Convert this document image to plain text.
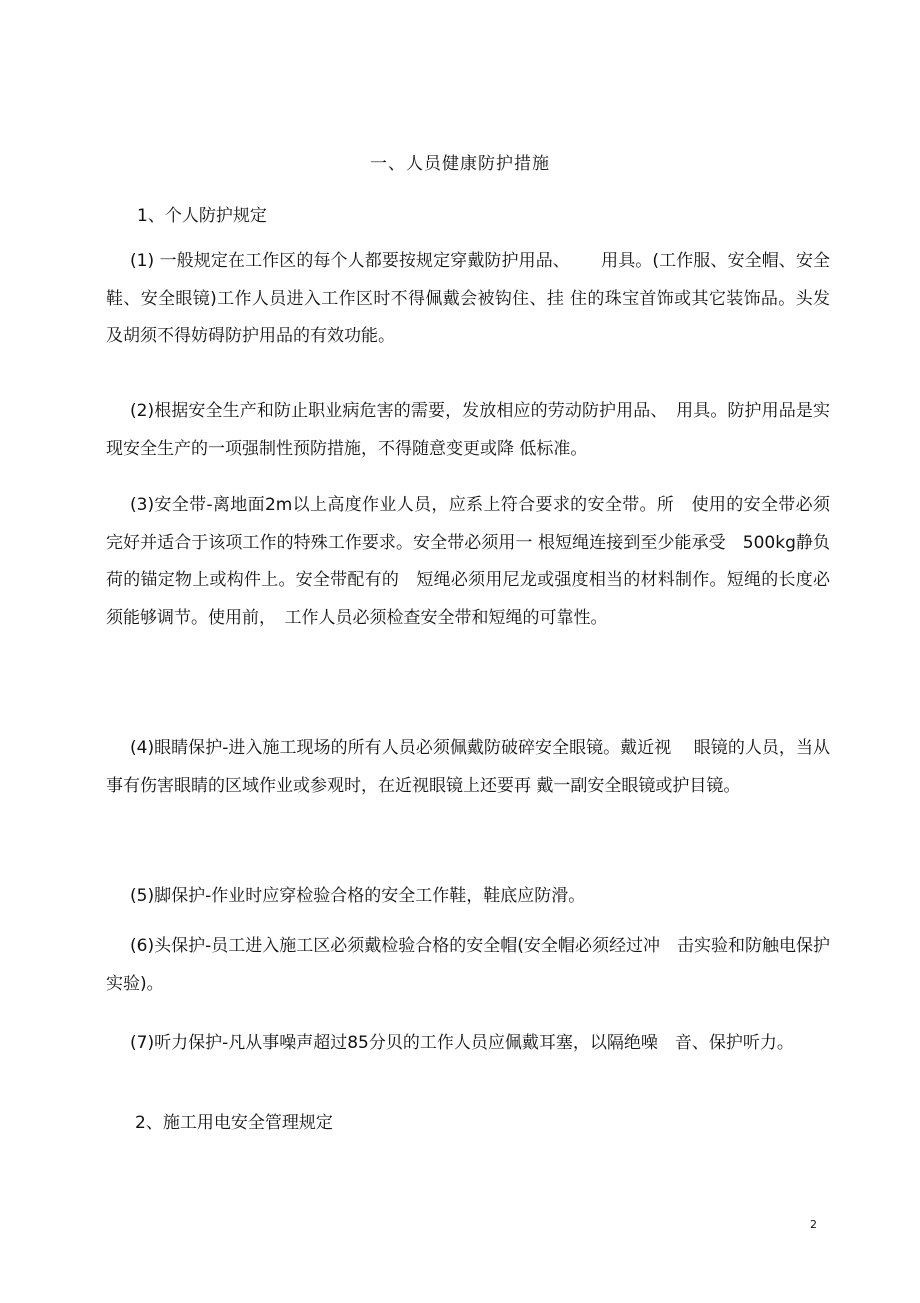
一、人员健康防护措施
1、个人防护规定

(1) 一般规定在工作区的每个人都要按规定穿戴防护用品、　　 用具。(工作服、安全帽、安全鞋、安全眼镜)工作人员进入工作区时不得佩戴会被钩住、挂 住的珠宝首饰或其它装饰品。头发及胡须不得妨碍防护用品的有效功能。

(2)根据安全生产和防止职业病危害的需要，发放相应的劳动防护用品、　用具。防护用品是实现安全生产的一项强制性预防措施，不得随意变更或降 低标准。

(3)安全带-离地面2m以上高度作业人员，应系上符合要求的安全带。所　使用的安全带必须完好并适合于该项工作的特殊工作要求。安全带必须用一 根短绳连接到至少能承受　500kg静负荷的锚定物上或构件上。安全带配有的　短绳必须用尼龙或强度相当的材料制作。短绳的长度必须能够调节。使用前，　工作人员必须检查安全带和短绳的可靠性。

(4)眼睛保护-进入施工现场的所有人员必须佩戴防破碎安全眼镜。戴近视　 眼镜的人员，当从事有伤害眼睛的区域作业或参观时，在近视眼镜上还要再 戴一副安全眼镜或护目镜。

(5)脚保护-作业时应穿检验合格的安全工作鞋，鞋底应防滑。

(6)头保护-员工进入施工区必须戴检验合格的安全帽(安全帽必须经过冲　击实验和防触电保护实验)。

(7)听力保护-凡从事噪声超过85分贝的工作人员应佩戴耳塞，以隔绝噪　音、保护听力。

2、施工用电安全管理规定
2
